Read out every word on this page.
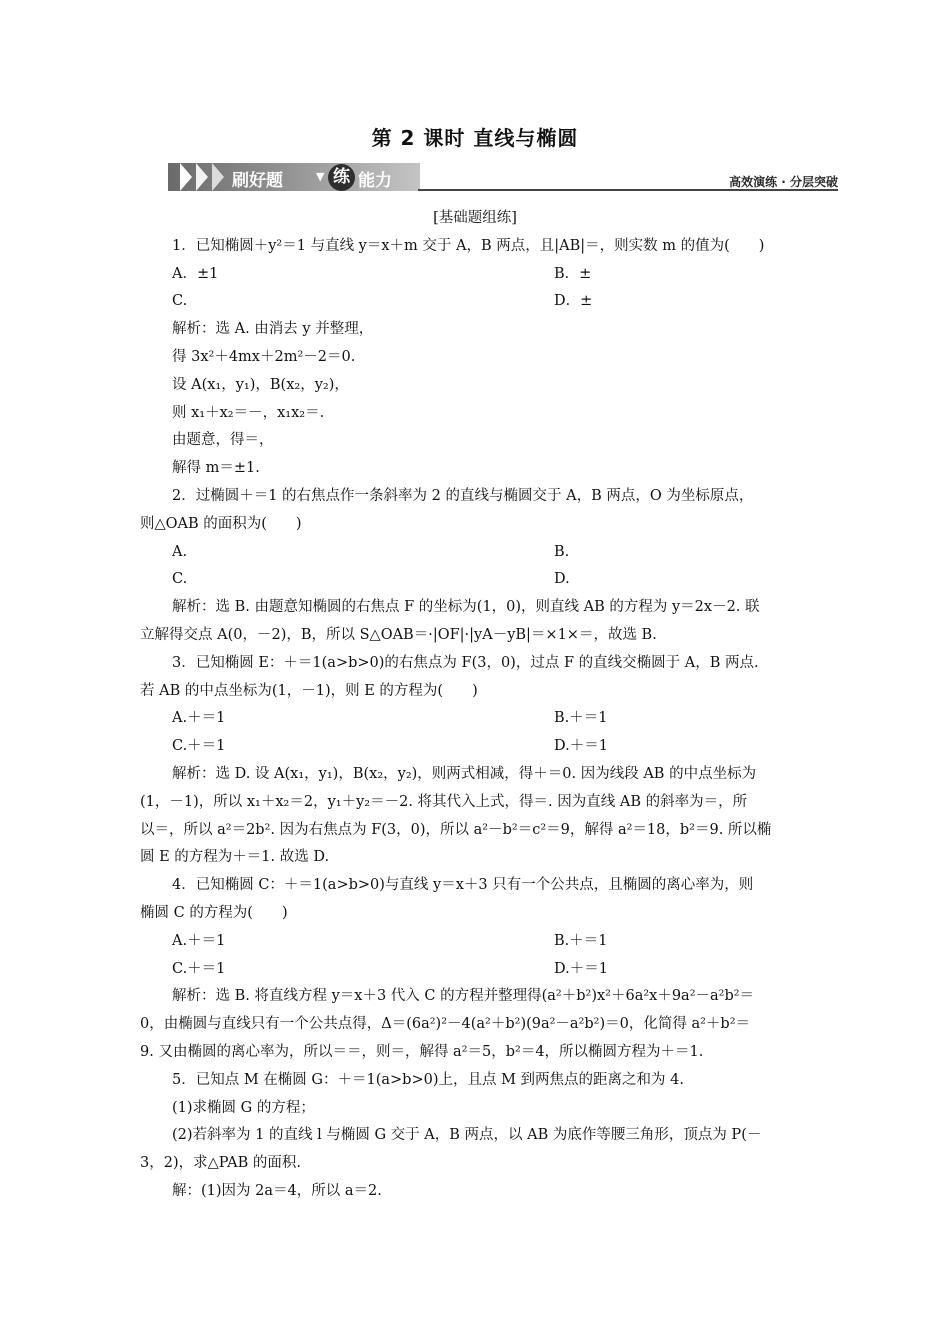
第 2 课时 直线与椭圆
刷好题	▼ 练 能力	高效演练 · 分层突破
[基础题组练]
1．已知椭圆＋y²＝1 与直线 y＝x＋m 交于 A，B 两点，且|AB|＝，则实数 m 的值为(　　)
A．±1	B．±
C.	D．±
解析：选 A. 由消去 y 并整理，
得 3x²＋4mx＋2m²－2＝0.
设 A(x₁，y₁)，B(x₂，y₂)，
则 x₁＋x₂＝－，x₁x₂＝.
由题意，得＝，
解得 m＝±1.
2．过椭圆＋＝1 的右焦点作一条斜率为 2 的直线与椭圆交于 A，B 两点，O 为坐标原点，
则△OAB 的面积为(　　)
A.	B.
C.	D.
解析：选 B. 由题意知椭圆的右焦点 F 的坐标为(1，0)，则直线 AB 的方程为 y＝2x－2. 联
立解得交点 A(0，－2)，B，所以 S△OAB＝·|OF|·|yA－yB|＝×1×＝，故选 B.
3．已知椭圆 E：＋＝1(a>b>0)的右焦点为 F(3，0)，过点 F 的直线交椭圆于 A，B 两点.
若 AB 的中点坐标为(1，－1)，则 E 的方程为(　　)
A.＋＝1	B.＋＝1
C.＋＝1	D.＋＝1
解析：选 D. 设 A(x₁，y₁)，B(x₂，y₂)，则两式相减，得＋＝0. 因为线段 AB 的中点坐标为
(1，－1)，所以 x₁＋x₂＝2，y₁＋y₂＝－2. 将其代入上式，得＝. 因为直线 AB 的斜率为＝，所
以＝，所以 a²＝2b². 因为右焦点为 F(3，0)，所以 a²－b²＝c²＝9，解得 a²＝18，b²＝9. 所以椭
圆 E 的方程为＋＝1. 故选 D.
4．已知椭圆 C：＋＝1(a>b>0)与直线 y＝x＋3 只有一个公共点，且椭圆的离心率为，则
椭圆 C 的方程为(　　)
A.＋＝1	B.＋＝1
C.＋＝1	D.＋＝1
解析：选 B. 将直线方程 y＝x＋3 代入 C 的方程并整理得(a²＋b²)x²＋6a²x＋9a²－a²b²＝
0，由椭圆与直线只有一个公共点得，Δ＝(6a²)²－4(a²＋b²)(9a²－a²b²)＝0，化简得 a²＋b²＝
9. 又由椭圆的离心率为，所以＝＝，则＝，解得 a²＝5，b²＝4，所以椭圆方程为＋＝1.
5．已知点 M 在椭圆 G：＋＝1(a>b>0)上，且点 M 到两焦点的距离之和为 4.
(1)求椭圆 G 的方程；
(2)若斜率为 1 的直线 l 与椭圆 G 交于 A，B 两点，以 AB 为底作等腰三角形，顶点为 P(－
3，2)，求△PAB 的面积.
解：(1)因为 2a＝4，所以 a＝2.
